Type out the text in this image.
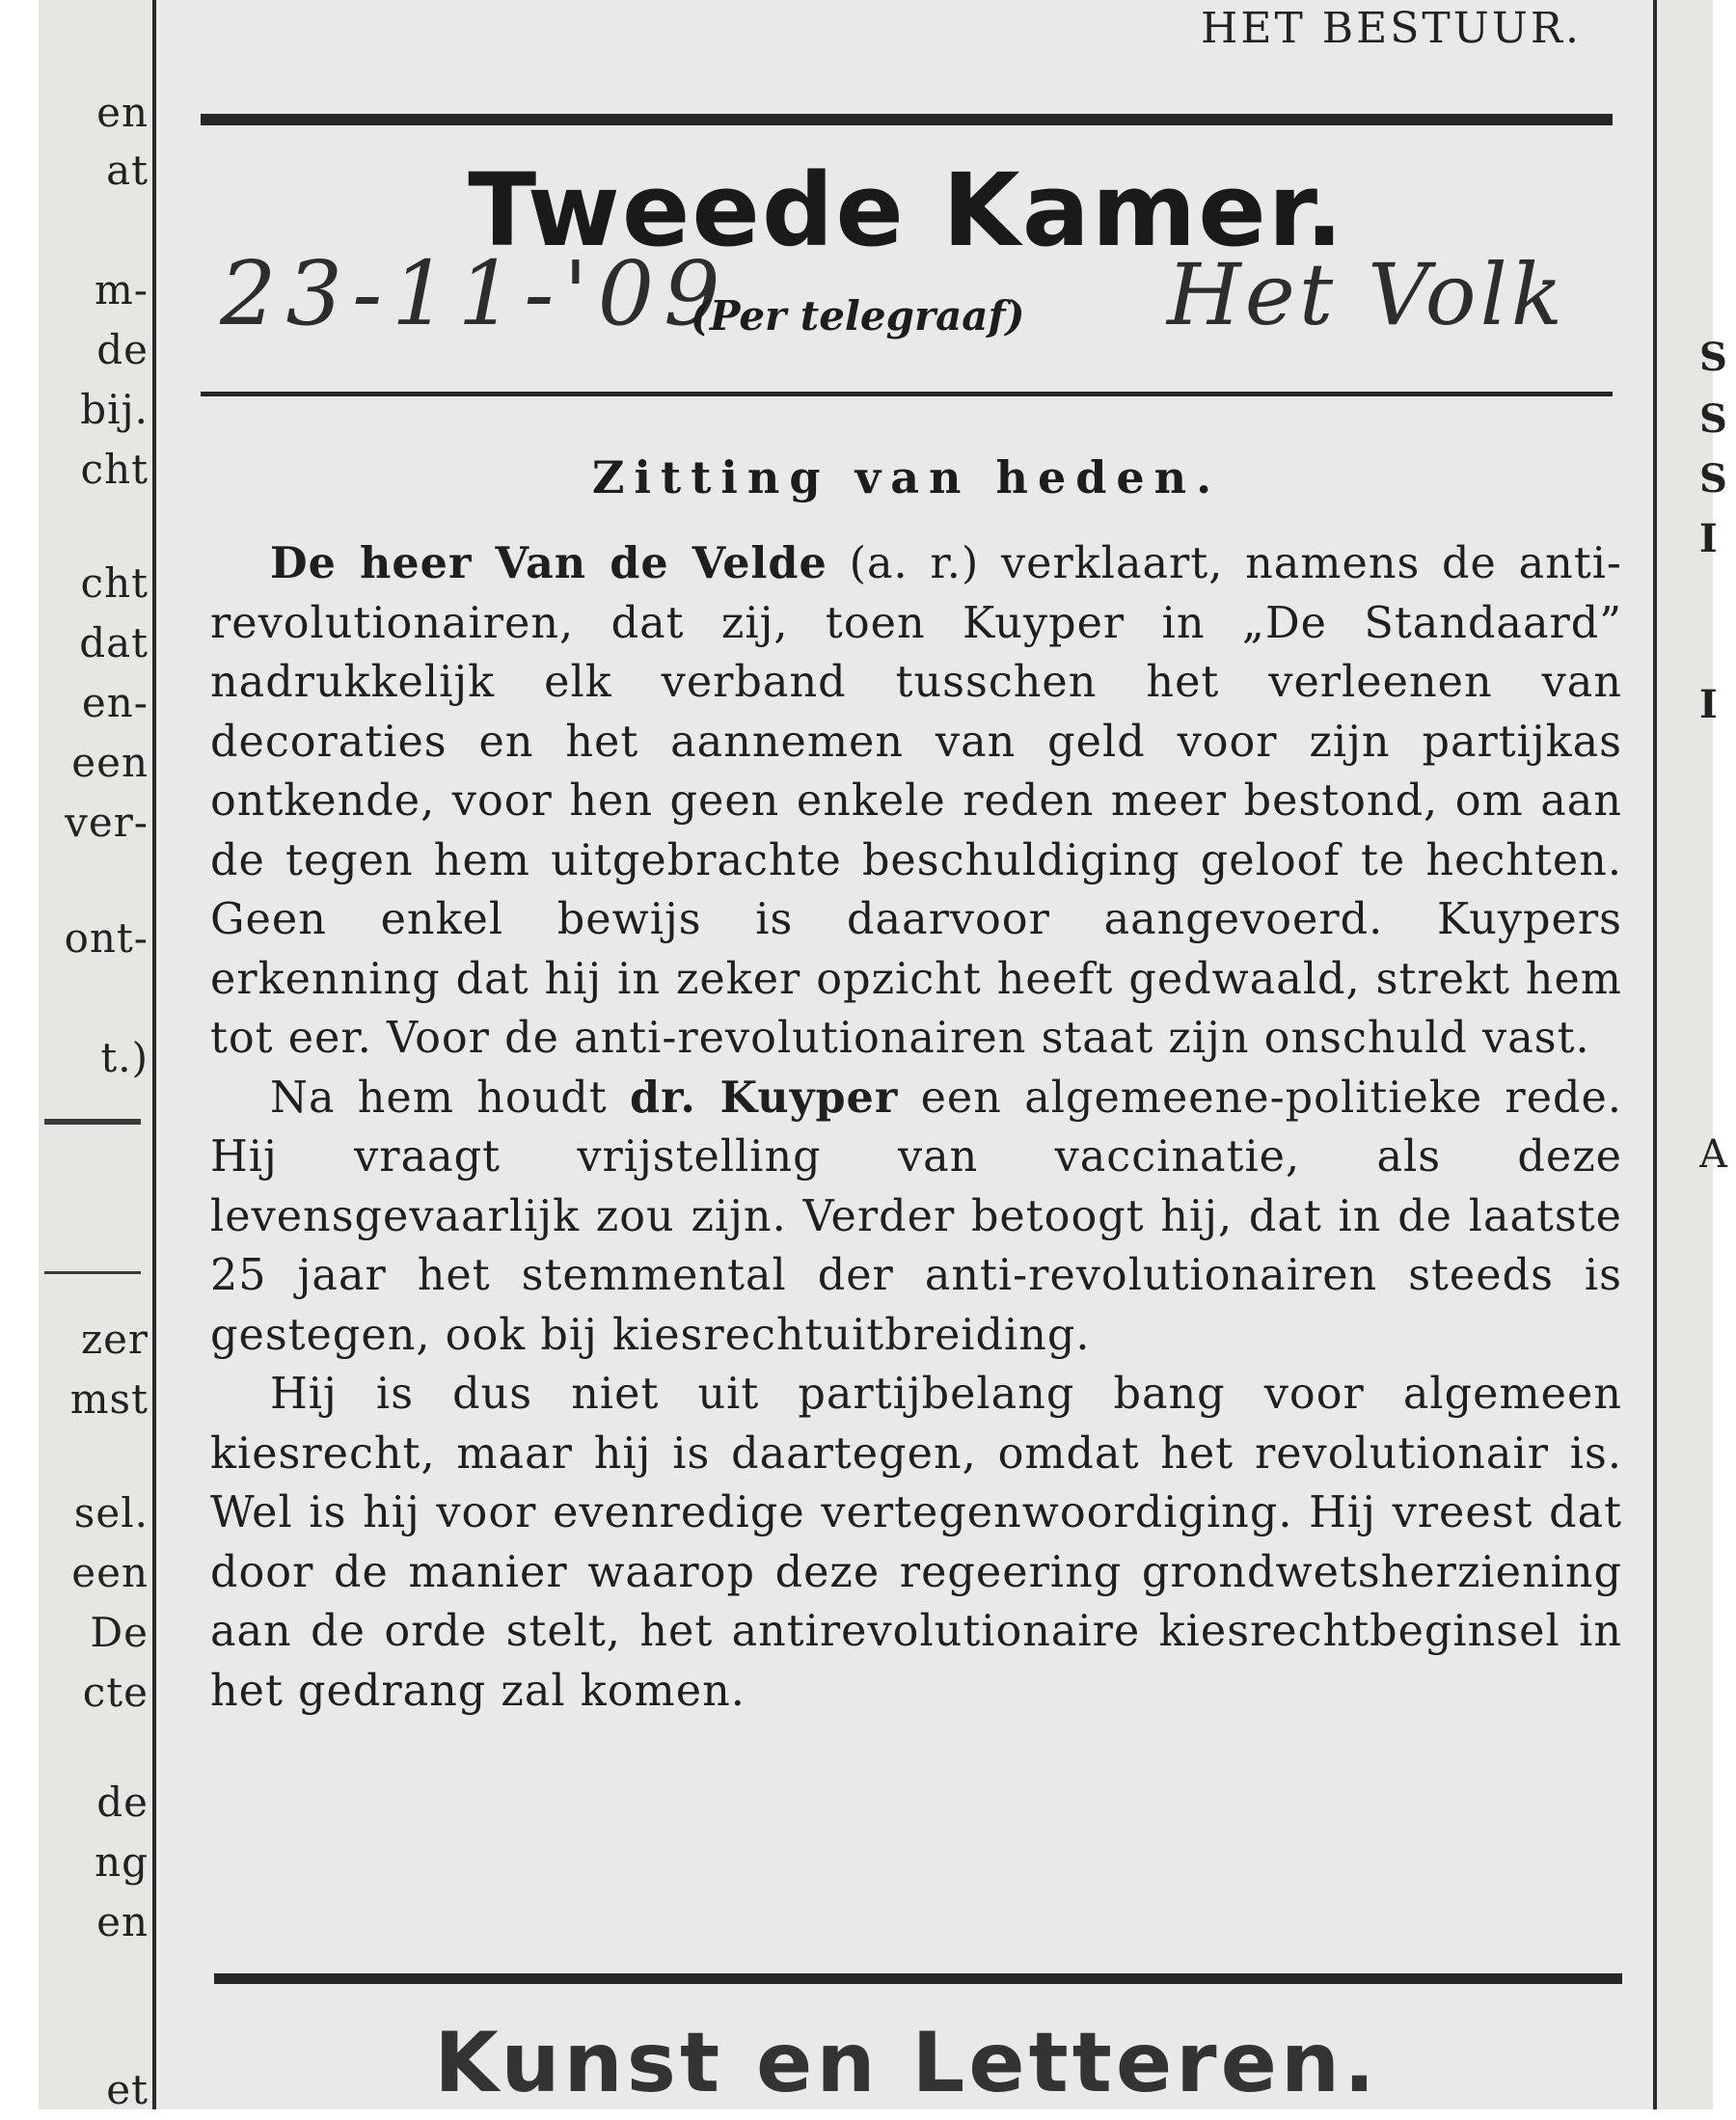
en
at
m-
de
bij.
cht
cht
dat
en-
een
ver-
ont-
t.)
zer
mst
sel.
een
De
cte
de
ng
en
et
S
S
S
I
I
A
HET BESTUUR.
Tweede Kamer.
23-11-'09
(Per telegraaf) Het Volk
Zitting van heden.

De heer Van de Velde (a. r.) verklaart, namens de anti-revolutionairen, dat zij, toen Kuyper in „De Standaard” nadrukkelijk elk verband tusschen het verleenen van decoraties en het aannemen van geld voor zijn partijkas ontkende, voor hen geen enkele reden meer bestond, om aan de tegen hem uitgebrachte beschuldiging geloof te hechten. Geen enkel bewijs is daarvoor aangevoerd. Kuypers erkenning dat hij in zeker opzicht heeft gedwaald, strekt hem tot eer. Voor de anti-revolutionairen staat zijn onschuld vast.

Na hem houdt dr. Kuyper een algemeene-politieke rede. Hij vraagt vrijstelling van vaccinatie, als deze levensgevaarlijk zou zijn. Verder betoogt hij, dat in de laatste 25 jaar het stemmental der anti-revolutionairen steeds is gestegen, ook bij kiesrechtuitbreiding.

Hij is dus niet uit partijbelang bang voor algemeen kiesrecht, maar hij is daartegen, omdat het revolutionair is. Wel is hij voor evenredige vertegenwoordiging. Hij vreest dat door de manier waarop deze regeering grondwetsherziening aan de orde stelt, het antirevolutionaire kiesrechtbeginsel in het gedrang zal komen.

Kunst en Letteren.
